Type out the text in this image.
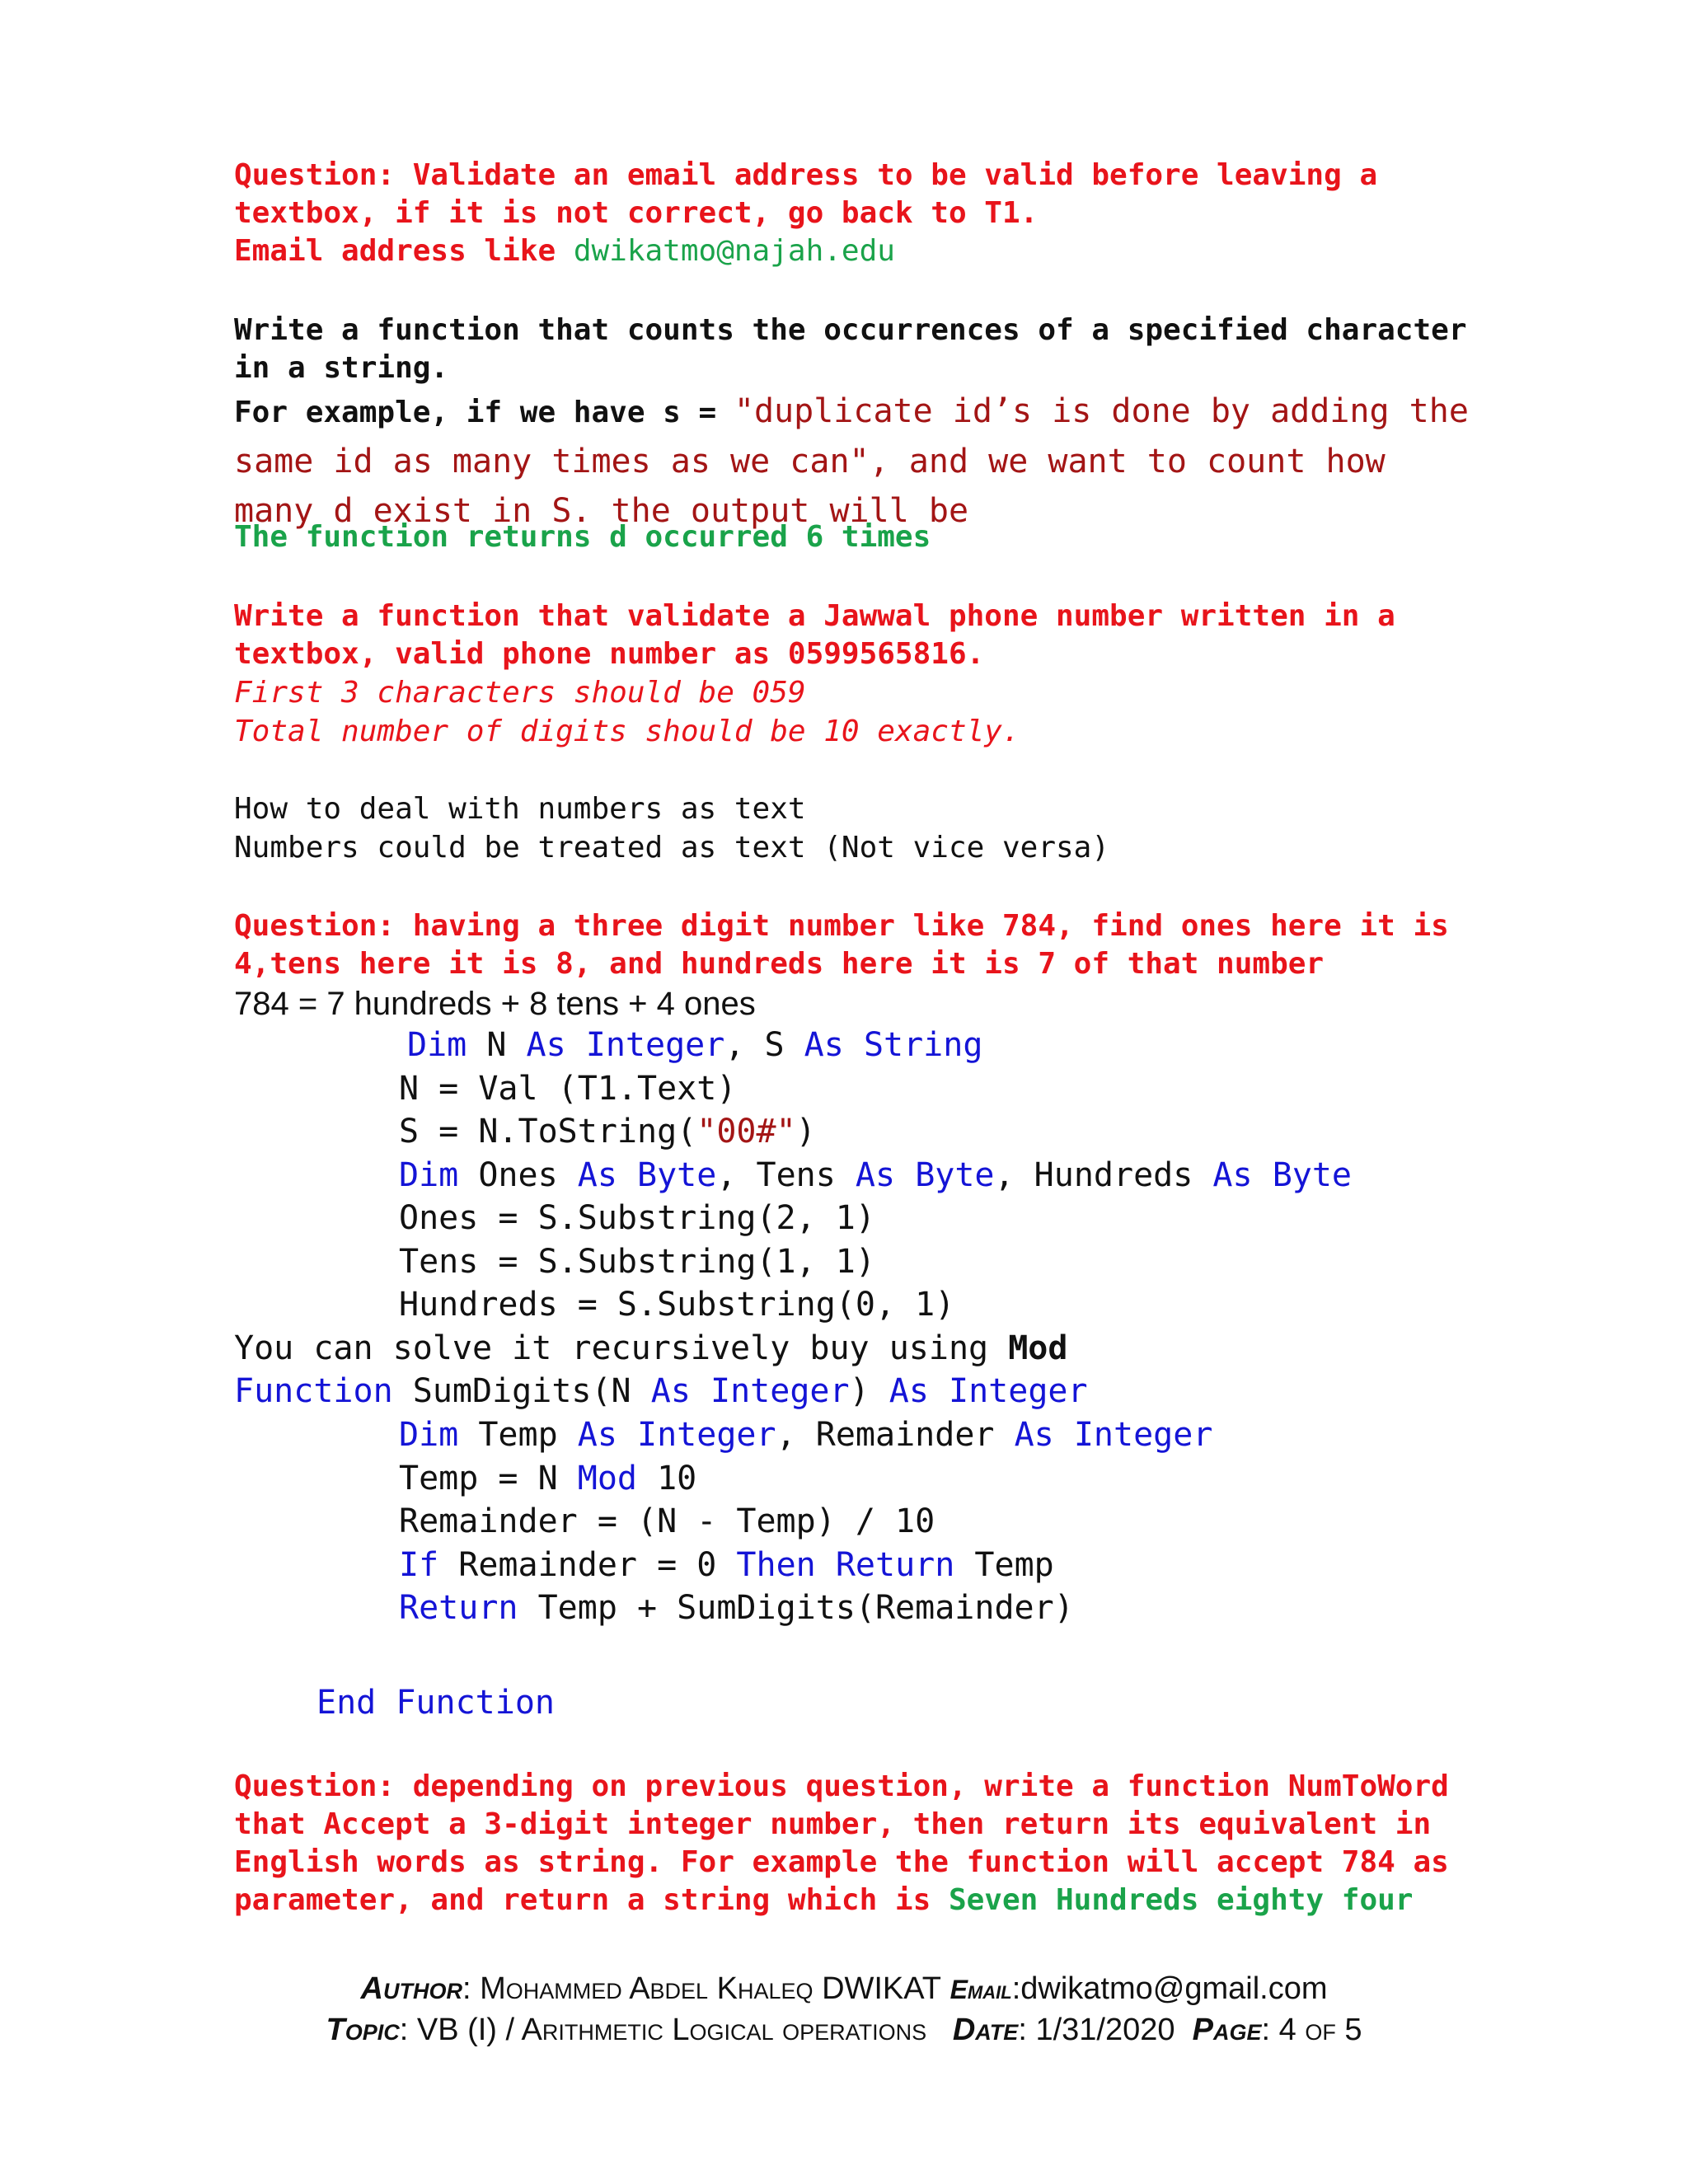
Question: Validate an email address to be valid before leaving a
textbox, if it is not correct, go back to T1.
Email address like dwikatmo@najah.edu
Write a function that counts the occurrences of a specified character
in a string.
For example, if we have s = "duplicate id’s is done by adding the
same id as many times as we can", and we want to count how
many d exist in S. the output will be
The function returns d occurred 6 times
Write a function that validate a Jawwal phone number written in a
textbox, valid phone number as 0599565816.
First 3 characters should be 059
Total number of digits should be 10 exactly.
How to deal with numbers as text
Numbers could be treated as text (Not vice versa)
Question: having a three digit number like 784, find ones here it is
4,tens here it is 8, and hundreds here it is 7 of that number
784 = 7 hundreds + 8 tens + 4 ones
Dim N As Integer, S As String
N = Val (T1.Text)
S = N.ToString("00#")
Dim Ones As Byte, Tens As Byte, Hundreds As Byte
Ones = S.Substring(2, 1)
Tens = S.Substring(1, 1)
Hundreds = S.Substring(0, 1)
You can solve it recursively buy using Mod
Function SumDigits(N As Integer) As Integer
Dim Temp As Integer, Remainder As Integer
Temp = N Mod 10
Remainder = (N - Temp) / 10
If Remainder = 0 Then Return Temp
Return Temp + SumDigits(Remainder)
End Function
Question: depending on previous question, write a function NumToWord
that Accept a 3-digit integer number, then return its equivalent in
English words as string. For example the function will accept 784 as
parameter, and return a string which is Seven Hundreds eighty four
Author: Mohammed Abdel Khaleq DWIKAT Email:dwikatmo@gmail.com
Topic: VB (I) / Arithmetic Logical operations Date: 1/31/2020 Page: 4 of 5
